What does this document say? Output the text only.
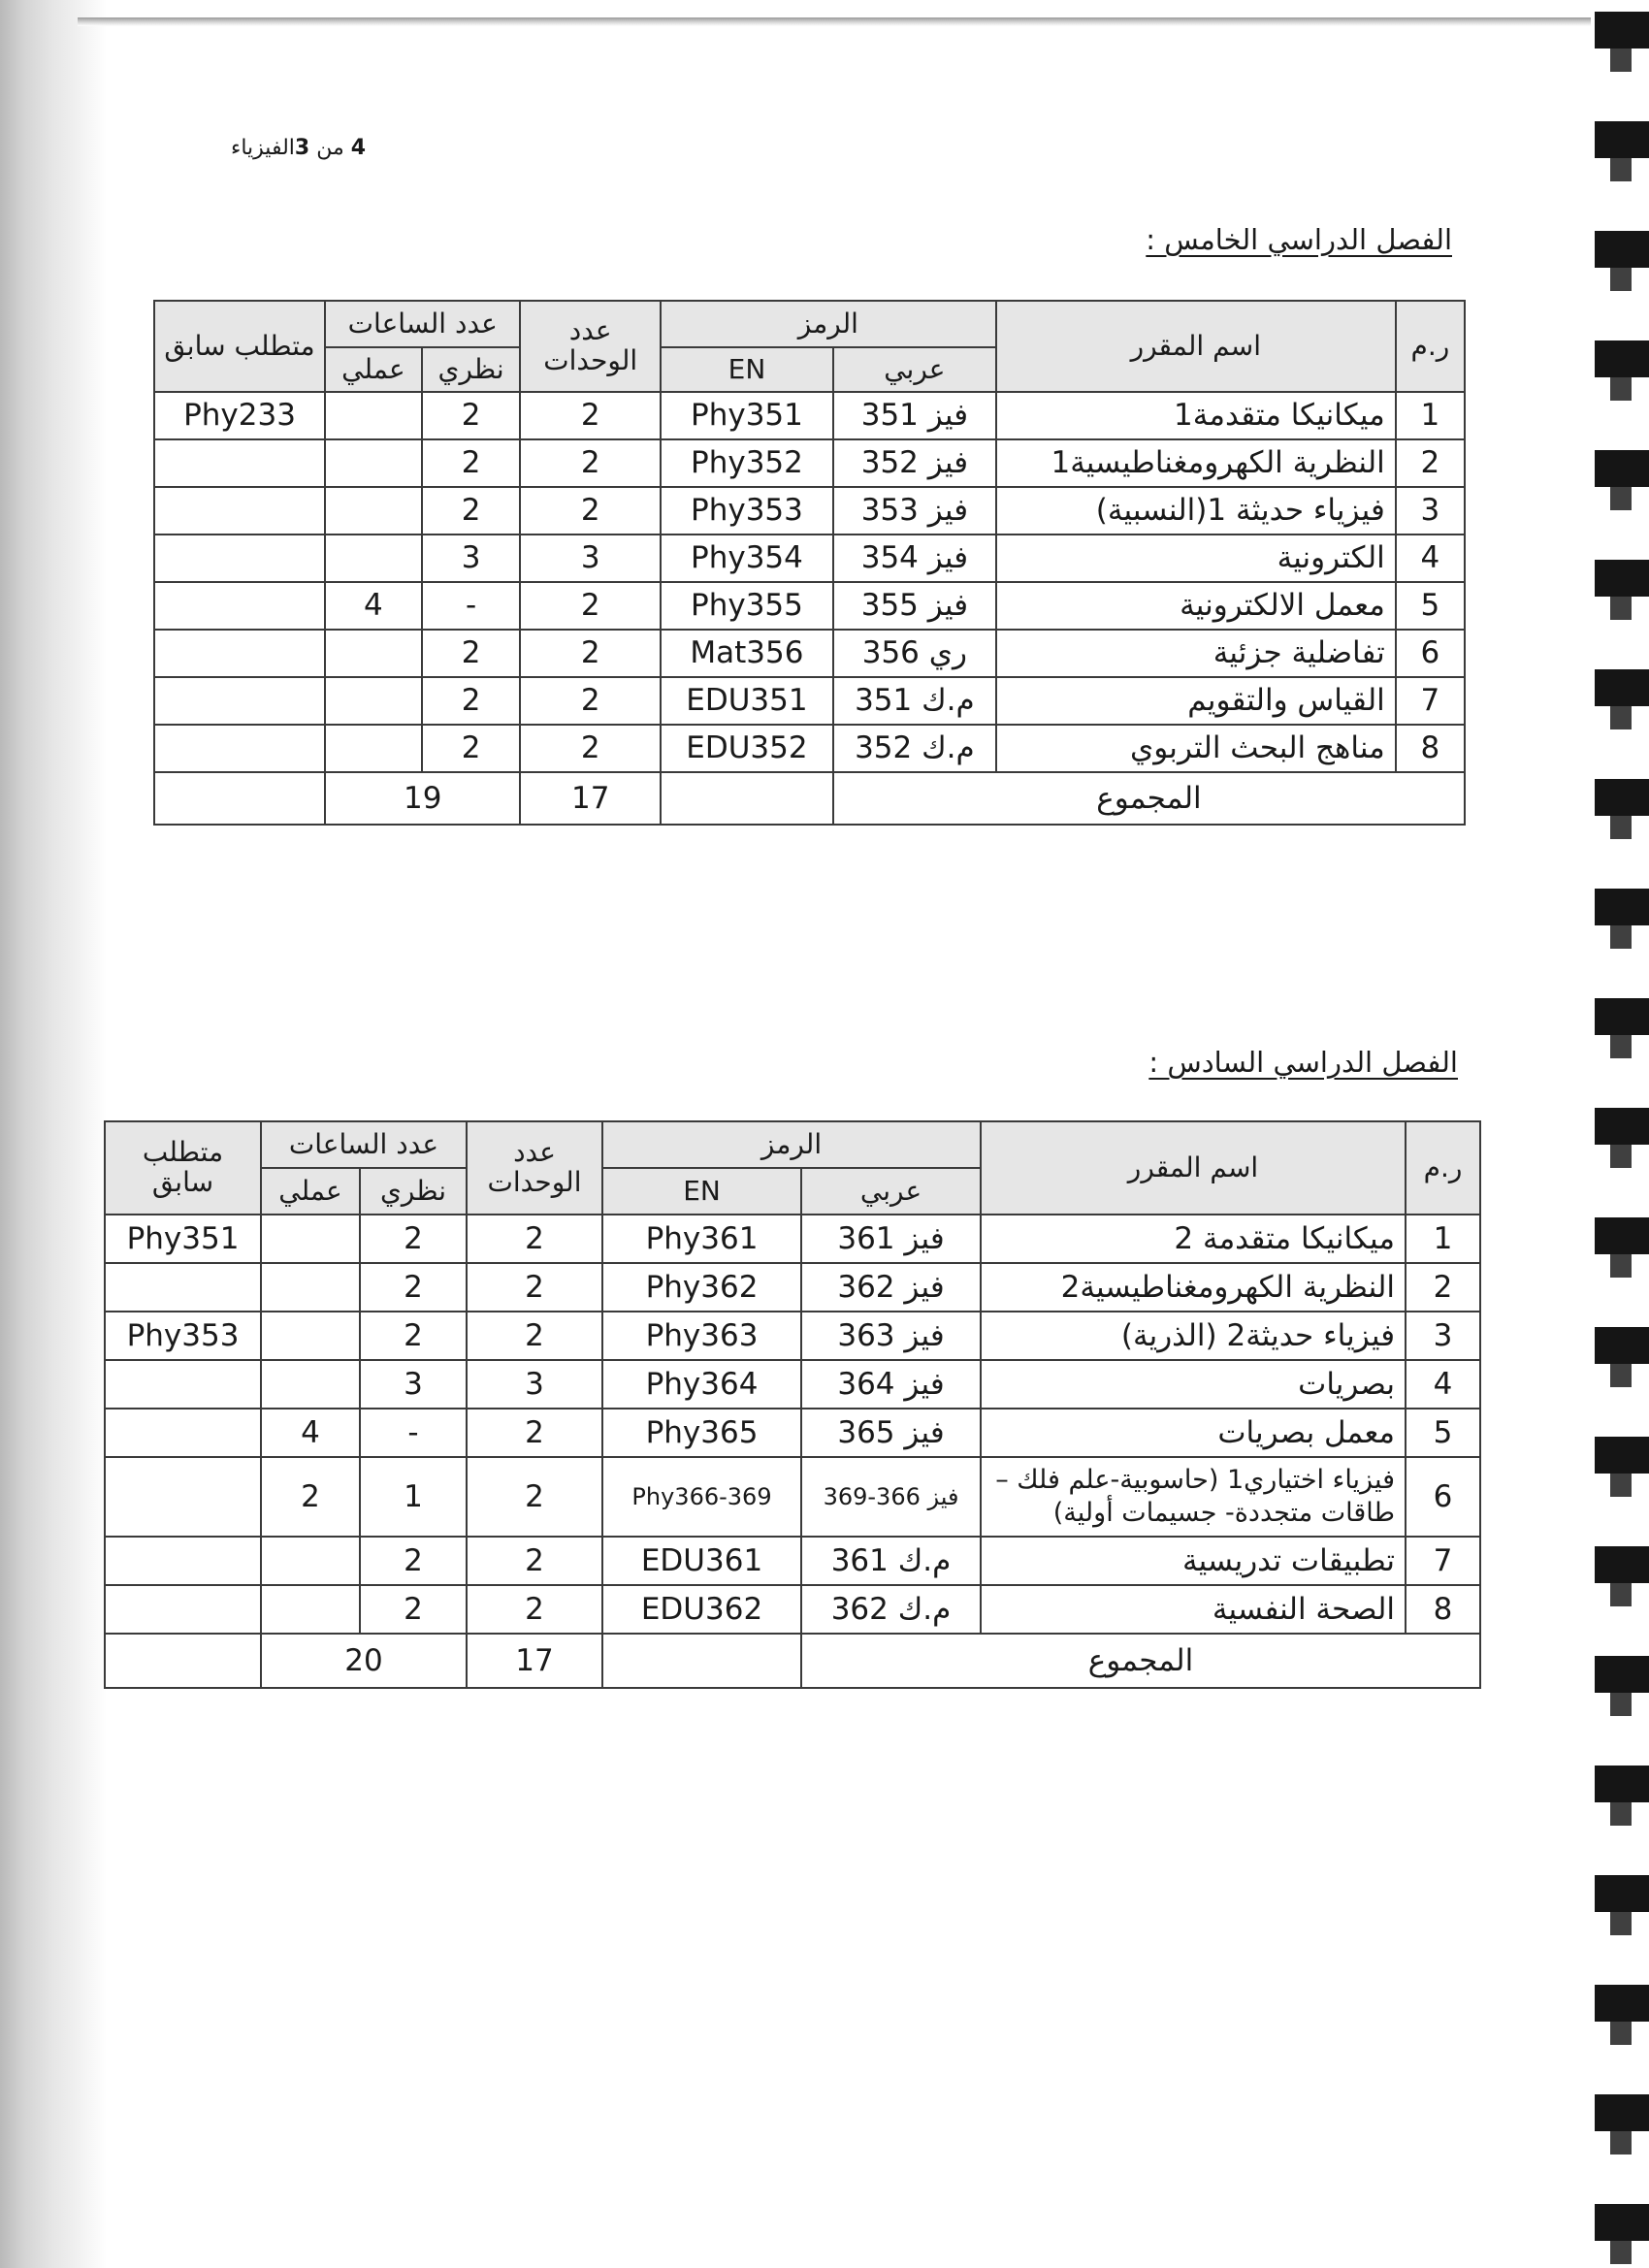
4 من 3الفيزياء
الفصل الدراسي الخامس :
ر.م	اسم المقرر	الرمز		عدد الوحدات	عدد الساعات		متطلب سابق
		عربي	EN		نظري	عملي	
1	ميكانيكا متقدمة1	فيز 351	Phy351	2	2		Phy233
2	النظرية الكهرومغناطيسية1	فيز 352	Phy352	2	2		
3	فيزياء حديثة 1(النسبية)	فيز 353	Phy353	2	2		
4	الكترونية	فيز 354	Phy354	3	3		
5	معمل الالكترونية	فيز 355	Phy355	2	-	4	
6	تفاضلية جزئية	ري 356	Mat356	2	2		
7	القياس والتقويم	م.ك 351	EDU351	2	2		
8	مناهج البحث التربوي	م.ك 352	EDU352	2	2		
المجموع				17	19		
الفصل الدراسي السادس :
ر.م	اسم المقرر	الرمز		عدد الوحدات	عدد الساعات		متطلب سابق
		عربي	EN		نظري	عملي	
1	ميكانيكا متقدمة 2	فيز 361	Phy361	2	2		Phy351
2	النظرية الكهرومغناطيسية2	فيز 362	Phy362	2	2		
3	فيزياء حديثة2 (الذرية)	فيز 363	Phy363	2	2		Phy353
4	بصريات	فيز 364	Phy364	3	3		
5	معمل بصريات	فيز 365	Phy365	2	-	4	
6	فيزياء اختياري1 (حاسوبية-علم فلك – طاقات متجددة- جسيمات أولية)	فيز 366-369	Phy366-369	2	1	2	
7	تطبيقات تدريسية	م.ك 361	EDU361	2	2		
8	الصحة النفسية	م.ك 362	EDU362	2	2		
المجموع				17	20		
